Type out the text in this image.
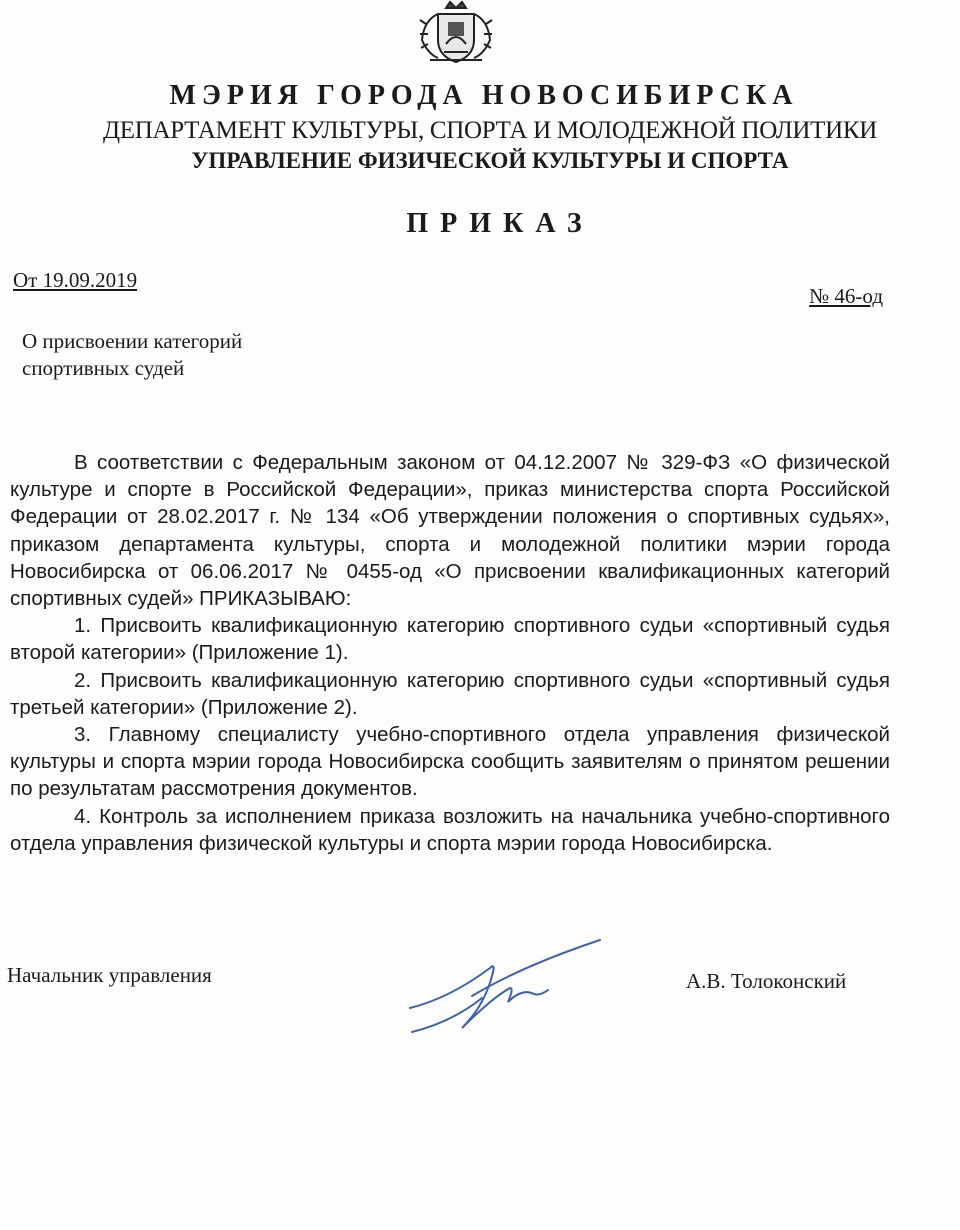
МЭРИЯ ГОРОДА НОВОСИБИРСКА
ДЕПАРТАМЕНТ КУЛЬТУРЫ, СПОРТА И МОЛОДЕЖНОЙ ПОЛИТИКИ
УПРАВЛЕНИЕ ФИЗИЧЕСКОЙ КУЛЬТУРЫ И СПОРТА
ПРИКАЗ
От 19.09.2019
№ 46-од
О присвоении категорий
спортивных судей

В соответствии с Федеральным законом от 04.12.2007 № 329-ФЗ «О физической культуре и спорте в Российской Федерации», приказ министерства спорта Российской Федерации от 28.02.2017 г. № 134 «Об утверждении положения о спортивных судьях», приказом департамента культуры, спорта и молодежной политики мэрии города Новосибирска от 06.06.2017 № 0455-од «О присвоении квалификационных категорий спортивных судей» ПРИКАЗЫВАЮ:

1. Присвоить квалификационную категорию спортивного судьи «спортивный судья второй категории» (Приложение 1).

2. Присвоить квалификационную категорию спортивного судьи «спортивный судья третьей категории» (Приложение 2).

3. Главному специалисту учебно-спортивного отдела управления физической культуры и спорта мэрии города Новосибирска сообщить заявителям о принятом решении по результатам рассмотрения документов.

4. Контроль за исполнением приказа возложить на начальника учебно-спортивного отдела управления физической культуры и спорта мэрии города Новосибирска.

Начальник управления	А.В. Толоконский
